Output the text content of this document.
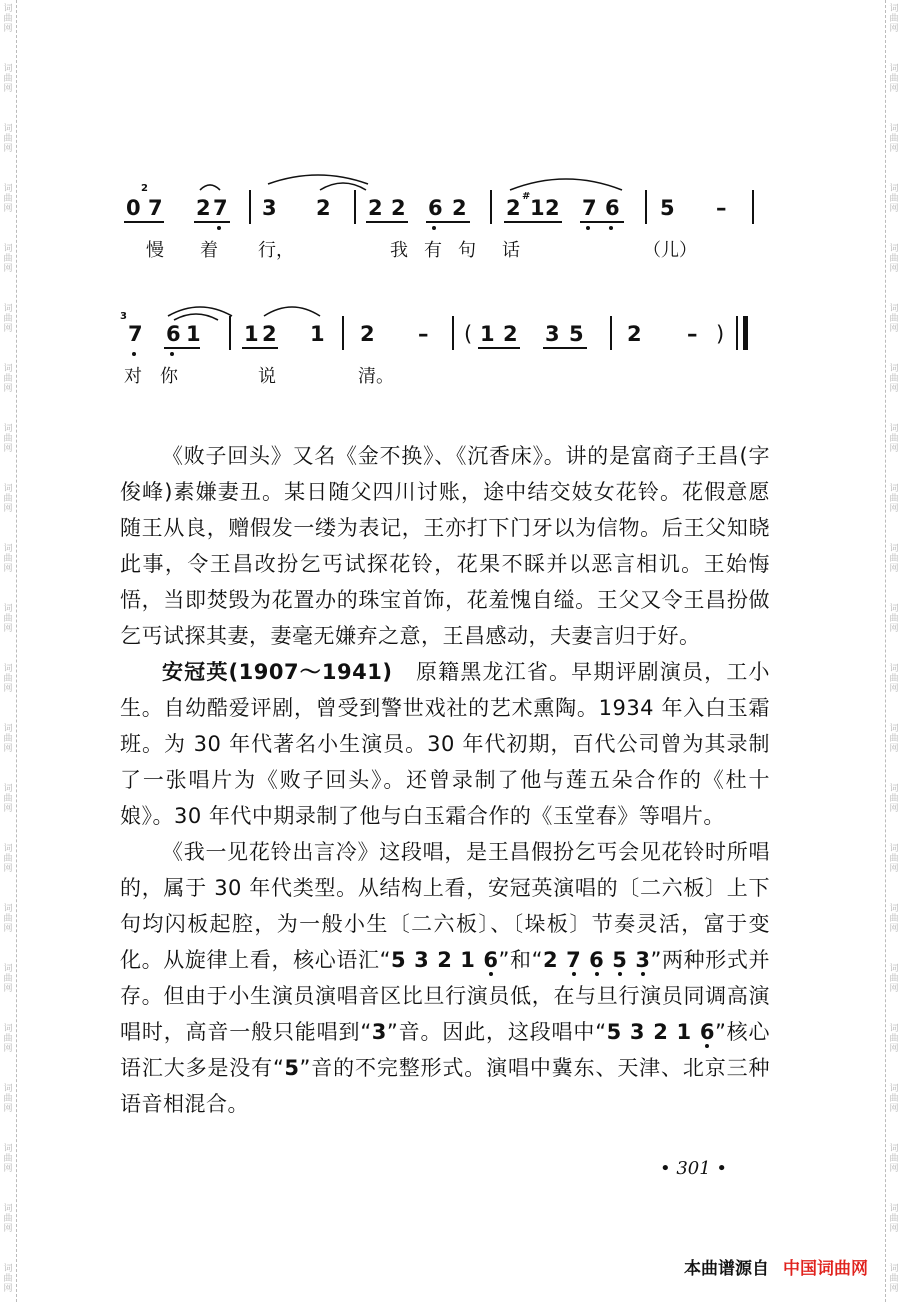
词
曲
网
词
曲
网
词
曲
网
词
曲
网
词
曲
网
词
曲
网
词
曲
网
词
曲
网
词
曲
网
词
曲
网
词
曲
网
词
曲
网
词
曲
网
词
曲
网
词
曲
网
词
曲
网
词
曲
网
词
曲
网
词
曲
网
词
曲
网
词
曲
网
词
曲
网
词
曲
网
词
曲
网
词
曲
网
词
曲
网
词
曲
网
词
曲
网
词
曲
网
词
曲
网
词
曲
网
词
曲
网
词
曲
网
词
曲
网
词
曲
网
词
曲
网
词
曲
网
词
曲
网
词
曲
网
词
曲
网
词
曲
网
词
曲
网
词
曲
网
词
曲
网
0
2
7 2 7 3 2 2 2 6 2 2 # 1 2 7 6 5 –
慢 着 行，	我 有 句 话	（儿）
3
7 6 1 1 2 1 2 – ( 1 2 3 5 2 – )
对 你	说	清。

《败子回头》又名《金不换》、《沉香床》。讲的是富商子王昌(字俊峰)素嫌妻丑。某日随父四川讨账，途中结交妓女花铃。花假意愿随王从良，赠假发一缕为表记，王亦打下门牙以为信物。后王父知晓此事，令王昌改扮乞丐试探花铃，花果不睬并以恶言相讥。王始悔悟，当即焚毁为花置办的珠宝首饰，花羞愧自缢。王父又令王昌扮做乞丐试探其妻，妻毫无嫌弃之意，王昌感动，夫妻言归于好。

安冠英(1907～1941) 原籍黑龙江省。早期评剧演员，工小生。自幼酷爱评剧，曾受到警世戏社的艺术熏陶。1934 年入白玉霜班。为 30 年代著名小生演员。30 年代初期，百代公司曾为其录制了一张唱片为《败子回头》。还曾录制了他与莲五朵合作的《杜十娘》。30 年代中期录制了他与白玉霜合作的《玉堂春》等唱片。

《我一见花铃出言冷》这段唱，是王昌假扮乞丐会见花铃时所唱的，属于 30 年代类型。从结构上看，安冠英演唱的〔二六板〕上下句均闪板起腔，为一般小生〔二六板〕、〔垛板〕节奏灵活，富于变化。从旋律上看，核心语汇“5 3 2 1 6
”和“2 7 6 5 3
”两种形式并存。但由于小生演员演唱音区比旦行演员低，在与旦行演员同调高演唱时，高音一般只能唱到“3”音。因此，这段唱中“5 3 2 1 6
”核心语汇大多是没有“5”音的不完整形式。演唱中冀东、天津、北京三种语音相混合。

• 301 •
本曲谱源自 中国词曲网
